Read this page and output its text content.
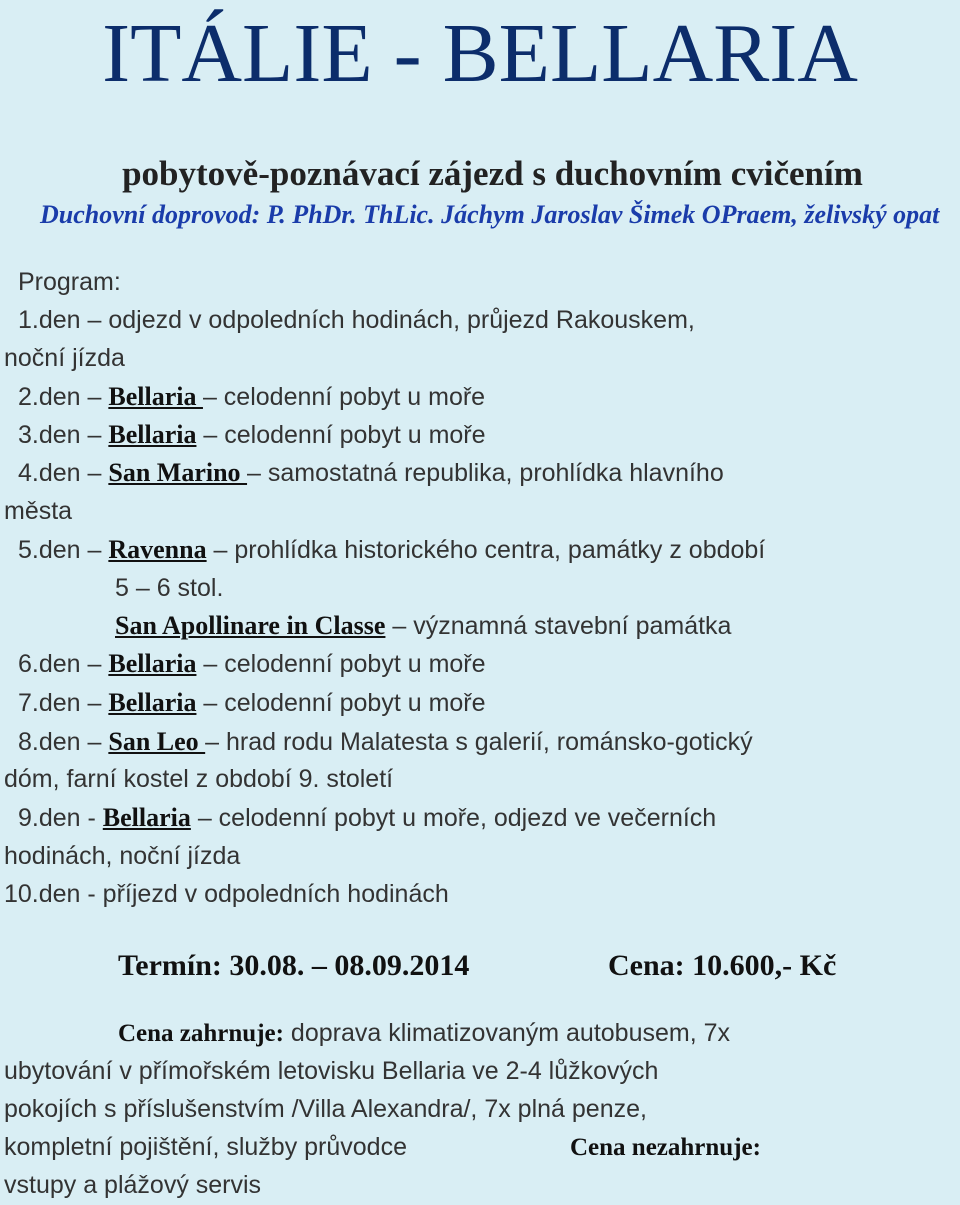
ITÁLIE - BELLARIA
pobytově-poznávací zájezd s duchovním cvičením
Duchovní doprovod: P. PhDr. ThLic. Jáchym Jaroslav Šimek OPraem, želivský opat
Program:
1.den – odjezd v odpoledních hodinách, průjezd Rakouskem,
noční jízda
2.den – Bellaria – celodenní pobyt u moře
3.den – Bellaria – celodenní pobyt u moře
4.den – San Marino – samostatná republika, prohlídka hlavního
města
5.den – Ravenna – prohlídka historického centra, památky z období
5 – 6 stol.
San Apollinare in Classe – významná stavební památka
6.den – Bellaria – celodenní pobyt u moře
7.den – Bellaria – celodenní pobyt u moře
8.den – San Leo – hrad rodu Malatesta s galerií, románsko-gotický
dóm, farní kostel z období 9. století
9.den - Bellaria – celodenní pobyt u moře, odjezd ve večerních
hodinách, noční jízda
10.den - příjezd v odpoledních hodinách
Termín: 30.08. – 08.09.2014	Cena: 10.600,- Kč
Cena zahrnuje: doprava klimatizovaným autobusem, 7x
ubytování v přímořském letovisku Bellaria ve 2-4 lůžkových
pokojích s příslušenstvím /Villa Alexandra/, 7x plná penze,
kompletní pojištění, služby průvodce	Cena nezahrnuje:
vstupy a plážový servis
